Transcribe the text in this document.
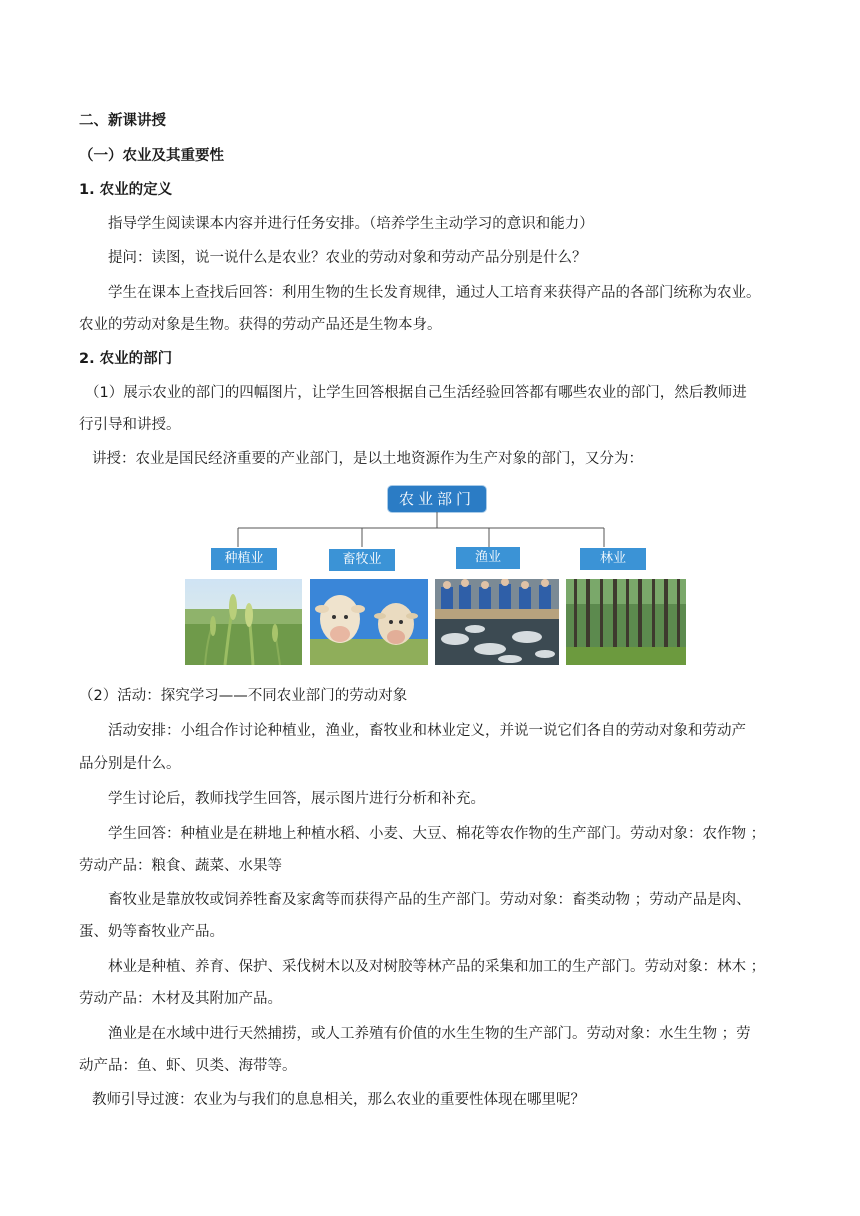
二、新课讲授
（一）农业及其重要性
1. 农业的定义
指导学生阅读课本内容并进行任务安排。（培养学生主动学习的意识和能力）
提问：读图，说一说什么是农业？农业的劳动对象和劳动产品分别是什么？
学生在课本上查找后回答：利用生物的生长发育规律，通过人工培育来获得产品的各部门统称为农业。
农业的劳动对象是生物。获得的劳动产品还是生物本身。
2. 农业的部门
（1）展示农业的部门的四幅图片，让学生回答根据自己生活经验回答都有哪些农业的部门，然后教师进
行引导和讲授。
讲授：农业是国民经济重要的产业部门，是以土地资源作为生产对象的部门，又分为：
农业部门
种植业	畜牧业	渔业	林业
（2）活动：探究学习——不同农业部门的劳动对象
活动安排：小组合作讨论种植业，渔业，畜牧业和林业定义，并说一说它们各自的劳动对象和劳动产
品分别是什么。
学生讨论后，教师找学生回答，展示图片进行分析和补充。
学生回答：种植业是在耕地上种植水稻、小麦、大豆、棉花等农作物的生产部门。劳动对象：农作物 ；
劳动产品：粮食、蔬菜、水果等
畜牧业是靠放牧或饲养牲畜及家禽等而获得产品的生产部门。劳动对象：畜类动物 ；劳动产品是肉、
蛋、奶等畜牧业产品。
林业是种植、养育、保护、采伐树木以及对树胶等林产品的采集和加工的生产部门。劳动对象：林木 ；
劳动产品：木材及其附加产品。
渔业是在水域中进行天然捕捞，或人工养殖有价值的水生生物的生产部门。劳动对象：水生生物 ；劳
动产品：鱼、虾、贝类、海带等。
教师引导过渡：农业为与我们的息息相关，那么农业的重要性体现在哪里呢？
